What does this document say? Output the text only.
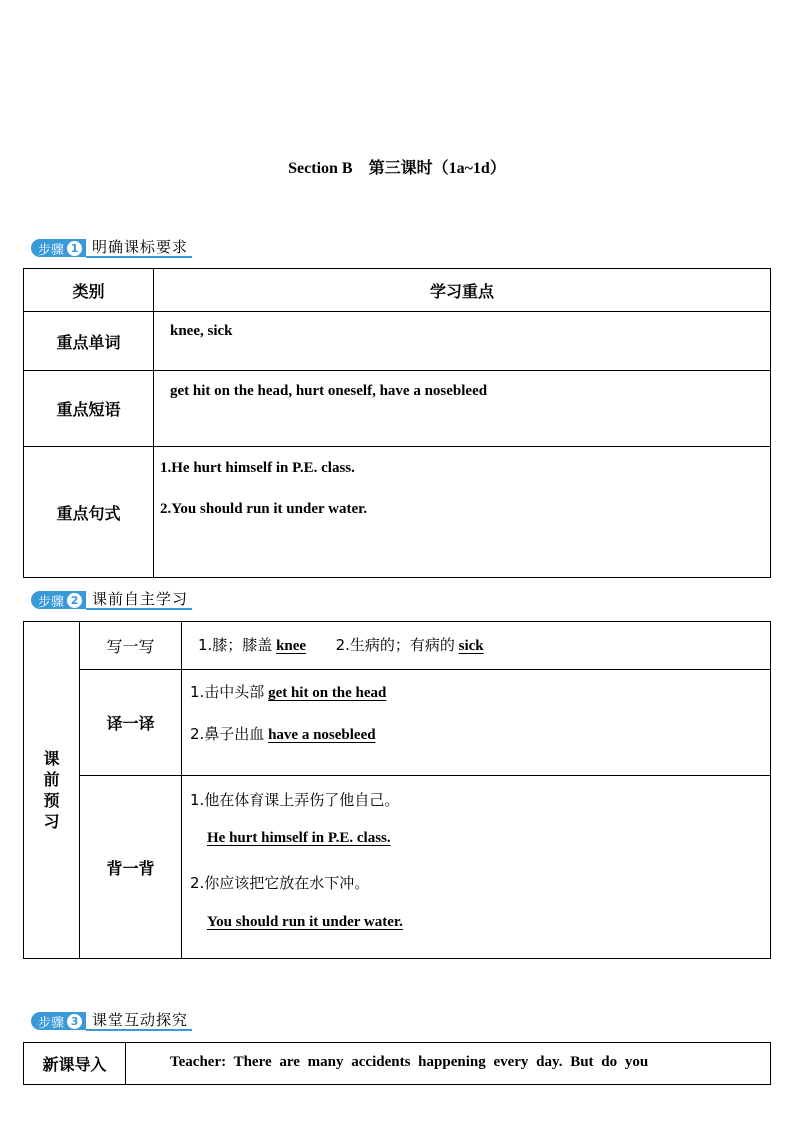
Section B　第三课时（1a~1d）
步骤 1 明确课标要求
类别	学习重点
重点单词	knee, sick

重点短语	get hit on the head, hurt oneself, have a nosebleed

重点句式	1.He hurt himself in P.E. class.
2.You should run it under water.
步骤 2 课前自主学习
课
前
预
习	写一写	1.膝；膝盖 knee 2.生病的；有病的 sick

	译一译	1.击中头部 get hit on the head
2.鼻子出血 have a nosebleed

	背一背	1.他在体育课上弄伤了他自己。
He hurt himself in P.E. class.
2.你应该把它放在水下冲。
You should run it under water.
步骤 3 课堂互动探究
新课导入	Teacher: There are many accidents happening every day. But do you
